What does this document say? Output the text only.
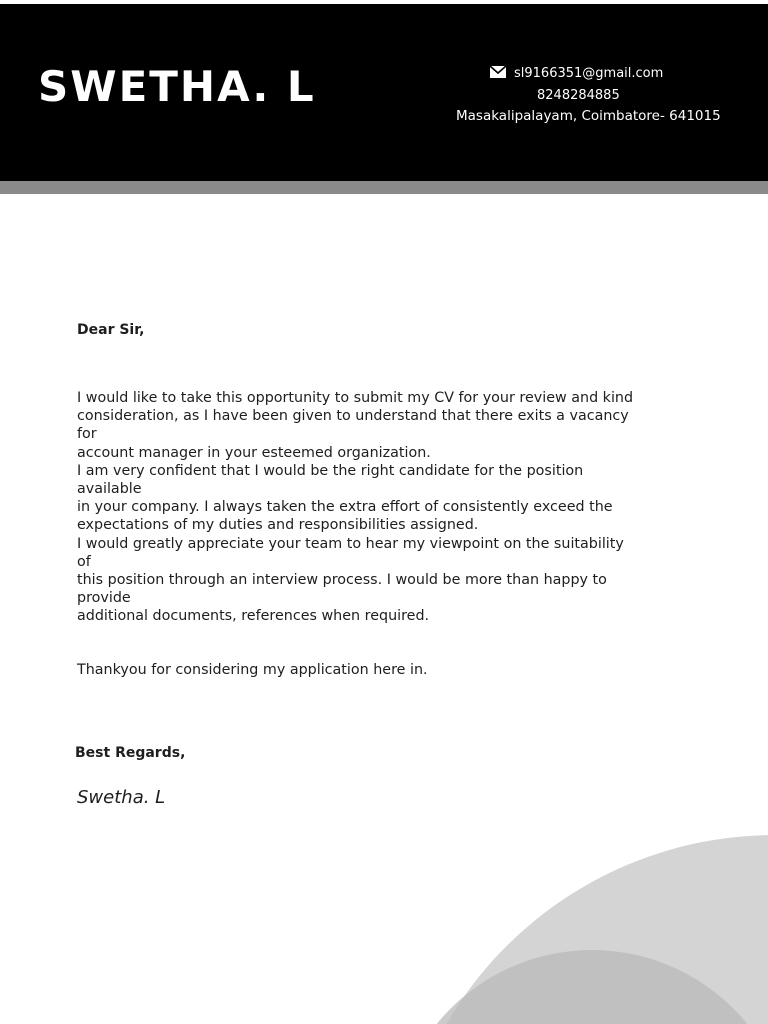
SWETHA. L	sl9166351@gmail.com
8248284885
Masakalipalayam, Coimbatore- 641015
Dear Sir,
I would like to take this opportunity to submit my CV for your review and kind
consideration, as I have been given to understand that there exits a vacancy
for
account manager in your esteemed organization.
I am very confident that I would be the right candidate for the position
available
in your company. I always taken the extra effort of consistently exceed the
expectations of my duties and responsibilities assigned.
I would greatly appreciate your team to hear my viewpoint on the suitability
of
this position through an interview process. I would be more than happy to
provide
additional documents, references when required.
Thankyou for considering my application here in.
Best Regards,
Swetha. L
